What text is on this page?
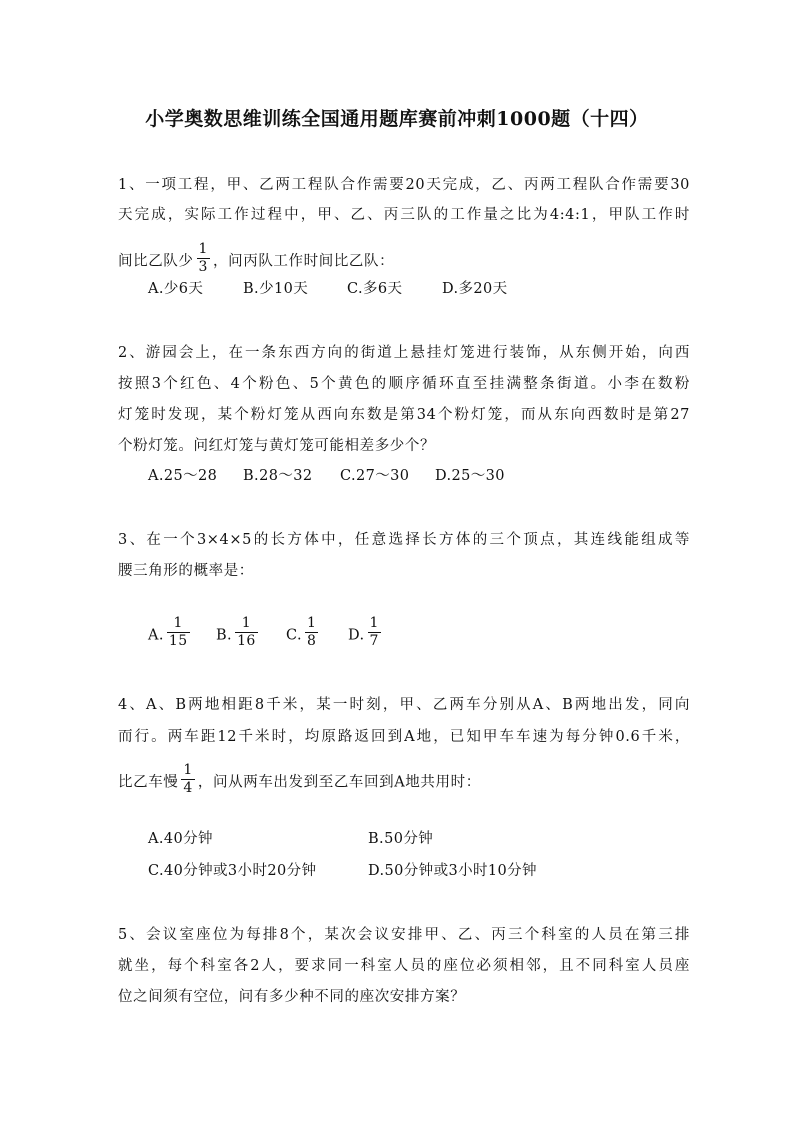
小学奥数思维训练全国通用题库赛前冲刺1000题（十四）
1、一项工程，甲、乙两工程队合作需要20天完成，乙、丙两工程队合作需要30
天完成，实际工作过程中，甲、乙、丙三队的工作量之比为4:4:1，甲队工作时
间比乙队少 $\frac{1}{3}$ ，问丙队工作时间比乙队：
A.少6天	B.少10天	C.多6天	D.多20天
2、游园会上，在一条东西方向的街道上悬挂灯笼进行装饰，从东侧开始，向西
按照3个红色、4个粉色、5个黄色的顺序循环直至挂满整条街道。小李在数粉
灯笼时发现，某个粉灯笼从西向东数是第34个粉灯笼，而从东向西数时是第27
个粉灯笼。问红灯笼与黄灯笼可能相差多少个？
A.25～28 B.28～32 C.27～30 D.25～30
3、在一个3×4×5的长方体中，任意选择长方体的三个顶点，其连线能组成等
腰三角形的概率是：
A. $\frac{1}{15} B$. $\frac{1}{16} C$. $\frac{1}{8} D$. $\frac{1}{7}$
4、A、B两地相距8千米，某一时刻，甲、乙两车分别从A、B两地出发，同向
而行。两车距12千米时，均原路返回到A地，已知甲车车速为每分钟0.6千米，
比乙车慢 $\frac{1}{4}$ ，问从两车出发到至乙车回到A地共用时：
A.40分钟	B.50分钟
C.40分钟或3小时20分钟	D.50分钟或3小时10分钟
5、会议室座位为每排8个，某次会议安排甲、乙、丙三个科室的人员在第三排
就坐，每个科室各2人，要求同一科室人员的座位必须相邻，且不同科室人员座
位之间须有空位，问有多少种不同的座次安排方案？
